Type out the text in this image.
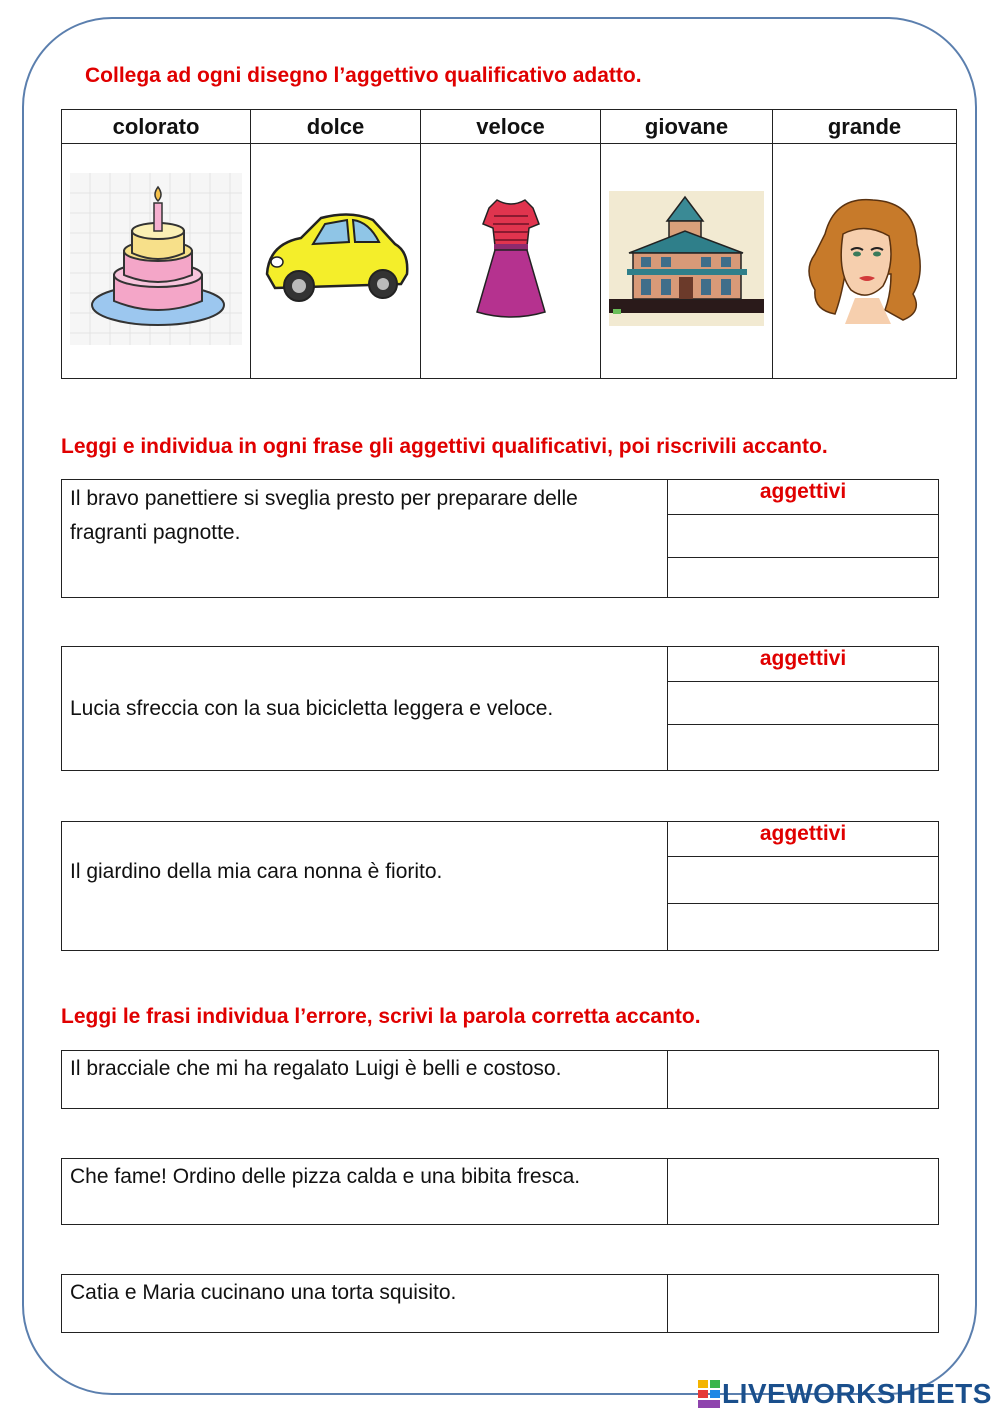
Collega ad ogni disegno l’aggettivo qualificativo adatto.
colorato	dolce	veloce	giovane	grande

Leggi e individua in ogni frase gli aggettivi qualificativi, poi riscrivili accanto.
Il bravo panettiere si sveglia presto per preparare delle fragranti pagnotte.
aggettivi
Lucia sfreccia con la sua bicicletta leggera e veloce.
aggettivi
Il giardino della mia cara nonna è fiorito.
aggettivi
Leggi le frasi individua l’errore, scrivi la parola corretta accanto.
Il bracciale che mi ha regalato Luigi è belli e costoso.
Che fame! Ordino delle pizza calda e una bibita fresca.
Catia e Maria cucinano una torta squisito.
LIVEWORKSHEETS
